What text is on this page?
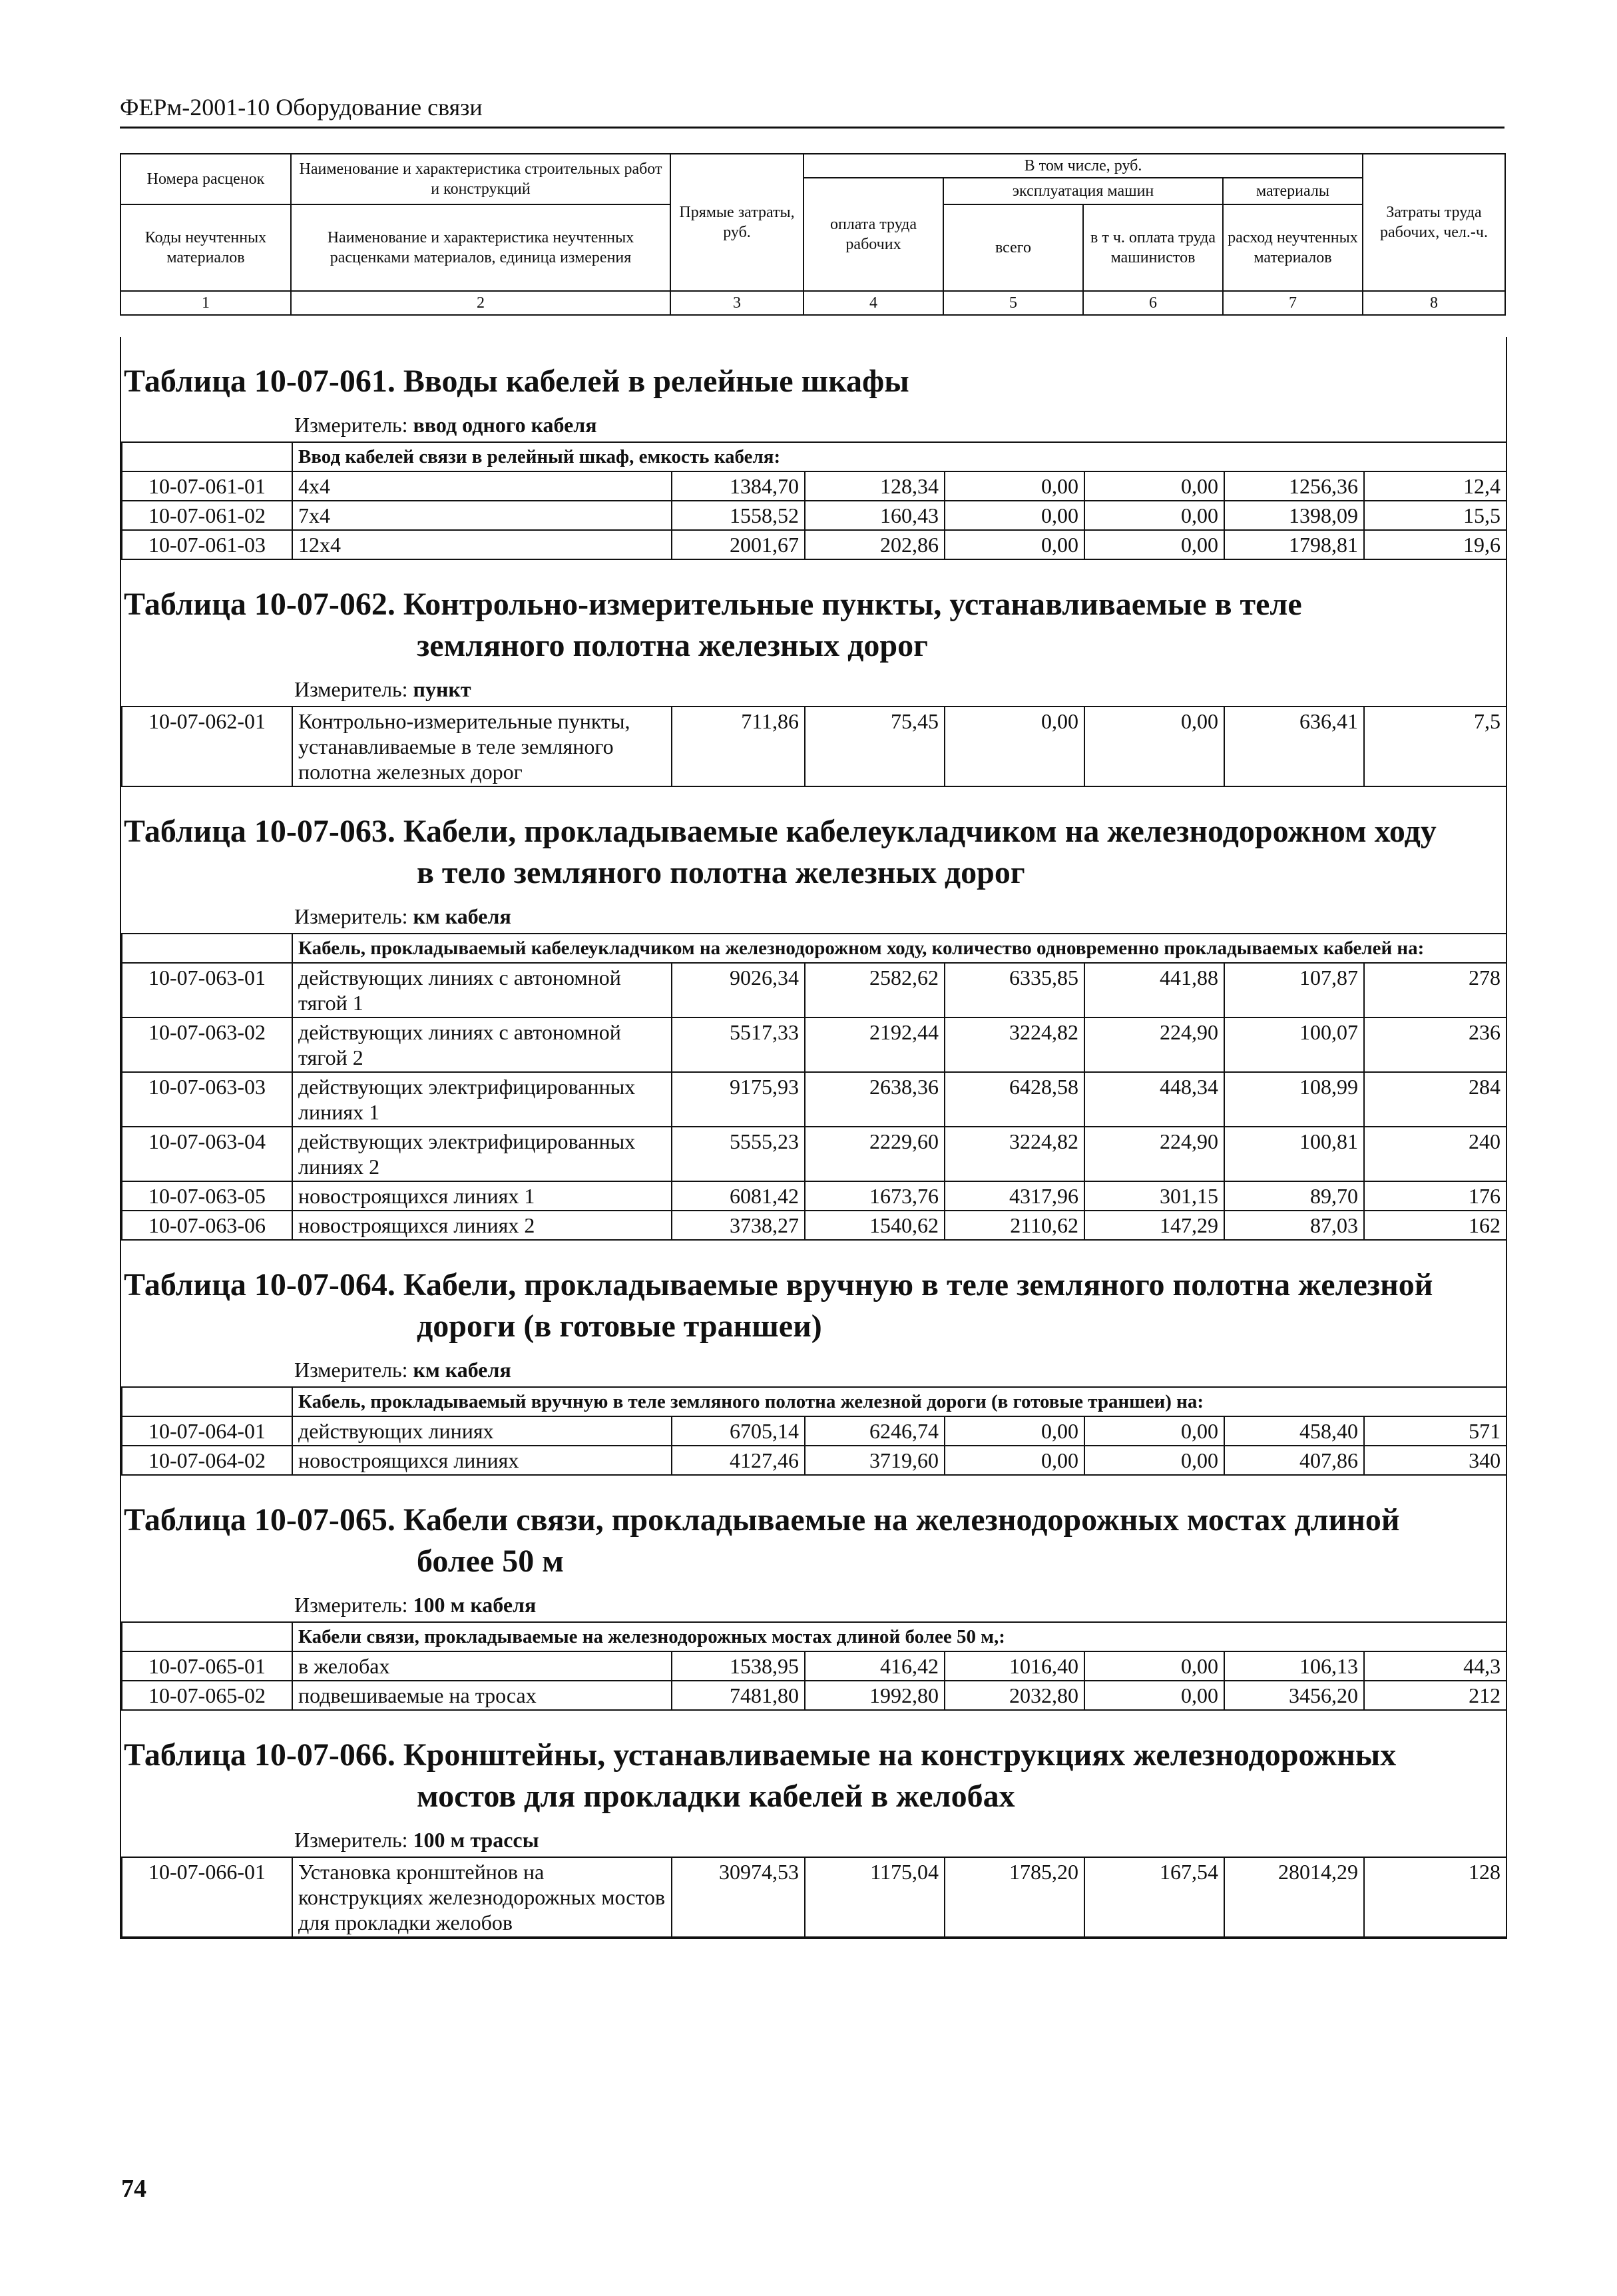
ФЕРм-2001-10 Оборудование связи
Номера расценок	Наименование и характеристика строительных работ и конструкций	Прямые затраты, руб.	В том числе, руб.				Затраты труда рабочих, чел.-ч.
			оплата труда рабочих	эксплуатация машин		материалы	
Коды неучтенных материалов	Наименование и характеристика неучтенных расценками материалов, единица измерения			всего	в т ч. оплата труда машинистов	расход неучтенных материалов	

1	2	3	4	5	6	7	8
Таблица 10-07-061. Вводы кабелей в релейные шкафы
Измеритель: ввод одного кабеля
	Ввод кабелей связи в релейный шкаф, емкость кабеля:						
10-07-061-01	4х4	1384,70	128,34	0,00	0,00	1256,36	12,4
10-07-061-02	7х4	1558,52	160,43	0,00	0,00	1398,09	15,5
10-07-061-03	12х4	2001,67	202,86	0,00	0,00	1798,81	19,6
Таблица 10-07-062. Контрольно-измерительные пункты, устанавливаемые в теле
земляного полотна железных дорог
Измеритель: пункт
10-07-062-01	Контрольно-измерительные пункты, устанавливаемые в теле земляного полотна железных дорог	711,86	75,45	0,00	0,00	636,41	7,5
Таблица 10-07-063. Кабели, прокладываемые кабелеукладчиком на железнодорожном ходу
в тело земляного полотна железных дорог
Измеритель: км кабеля
	Кабель, прокладываемый кабелеукладчиком на железнодорожном ходу, количество одновременно прокладываемых кабелей на:						
10-07-063-01	действующих линиях с автономной тягой 1	9026,34	2582,62	6335,85	441,88	107,87	278
10-07-063-02	действующих линиях с автономной тягой 2	5517,33	2192,44	3224,82	224,90	100,07	236
10-07-063-03	действующих электрифицированных линиях 1	9175,93	2638,36	6428,58	448,34	108,99	284
10-07-063-04	действующих электрифицированных линиях 2	5555,23	2229,60	3224,82	224,90	100,81	240
10-07-063-05	новостроящихся линиях 1	6081,42	1673,76	4317,96	301,15	89,70	176
10-07-063-06	новостроящихся линиях 2	3738,27	1540,62	2110,62	147,29	87,03	162
Таблица 10-07-064. Кабели, прокладываемые вручную в теле земляного полотна железной
дороги (в готовые траншеи)
Измеритель: км кабеля
	Кабель, прокладываемый вручную в теле земляного полотна железной дороги (в готовые траншеи) на:						
10-07-064-01	действующих линиях	6705,14	6246,74	0,00	0,00	458,40	571
10-07-064-02	новостроящихся линиях	4127,46	3719,60	0,00	0,00	407,86	340
Таблица 10-07-065. Кабели связи, прокладываемые на железнодорожных мостах длиной
более 50 м
Измеритель: 100 м кабеля
	Кабели связи, прокладываемые на железнодорожных мостах длиной более 50 м,:						
10-07-065-01	в желобах	1538,95	416,42	1016,40	0,00	106,13	44,3
10-07-065-02	подвешиваемые на тросах	7481,80	1992,80	2032,80	0,00	3456,20	212
Таблица 10-07-066. Кронштейны, устанавливаемые на конструкциях железнодорожных
мостов для прокладки кабелей в желобах
Измеритель: 100 м трассы
10-07-066-01	Установка кронштейнов на конструкциях железнодорожных мостов для прокладки желобов	30974,53	1175,04	1785,20	167,54	28014,29	128
74
